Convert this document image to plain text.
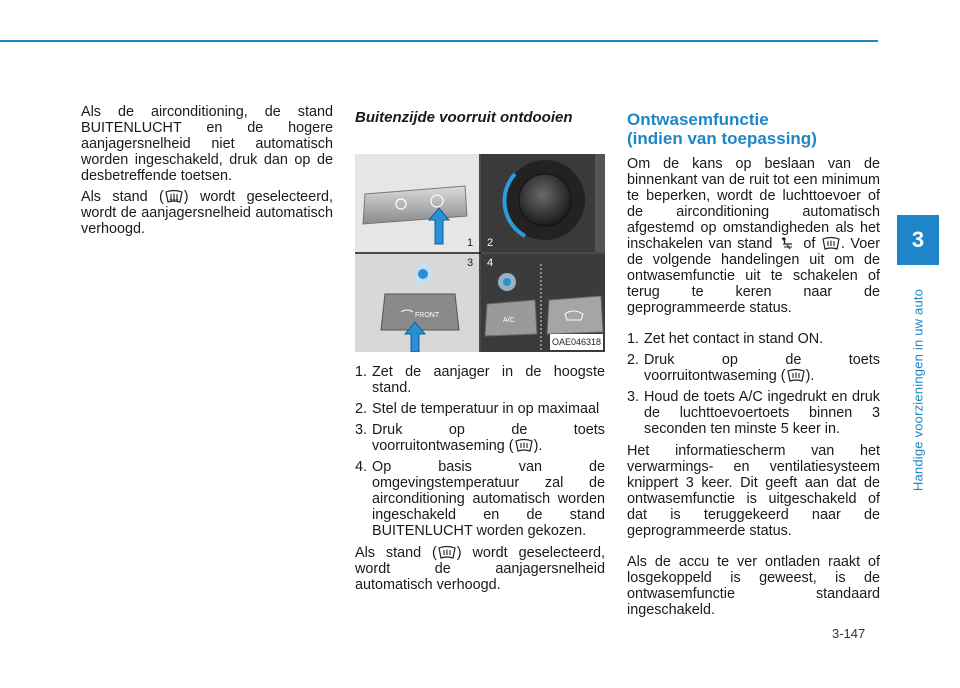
3
Handige voorzieningen in uw auto

Als de airconditioning, de stand BUITENLUCHT en de hogere aanjagersnelheid niet automatisch worden ingeschakeld, druk dan op de desbetreffende toetsen.

Als stand ( ) wordt geselecteerd, wordt de aanjagersnelheid automatisch verhoogd.

Buitenzijde voorruit ontdooien
FRONT
A/C
1 2
3 4
OAE046318
1. Zet de aanjager in de hoogste stand.
2. Stel de temperatuur in op maximaal
3. Druk op de toets voorruitontwaseming ( ).
4. Op basis van de omgevingstemperatuur zal de airconditioning automatisch worden ingeschakeld en de stand BUITENLUCHT worden gekozen.

Als stand ( ) wordt geselecteerd, wordt de aanjagersnelheid automatisch verhoogd.

Ontwasemfunctie
(indien van toepassing)

Om de kans op beslaan van de binnenkant van de ruit tot een minimum te beperken, wordt de luchttoevoer of de airconditioning automatisch afgestemd op omstandigheden als het inschakelen van stand of . Voer de volgende handelingen uit om de ontwasemfunctie uit te schakelen of terug te keren naar de geprogrammeerde status.

1. Zet het contact in stand ON.
2. Druk op de toets voorruitontwaseming ( ).
3. Houd de toets A/C ingedrukt en druk de luchttoevoertoets binnen 3 seconden ten minste 5 keer in.

Het informatiescherm van het verwarmings- en ventilatiesysteem knippert 3 keer. Dit geeft aan dat de ontwasemfunctie is uitgeschakeld of dat is teruggekeerd naar de geprogrammeerde status.

Als de accu te ver ontladen raakt of losgekoppeld is geweest, is de ontwasemfunctie standaard ingeschakeld.

3-147
